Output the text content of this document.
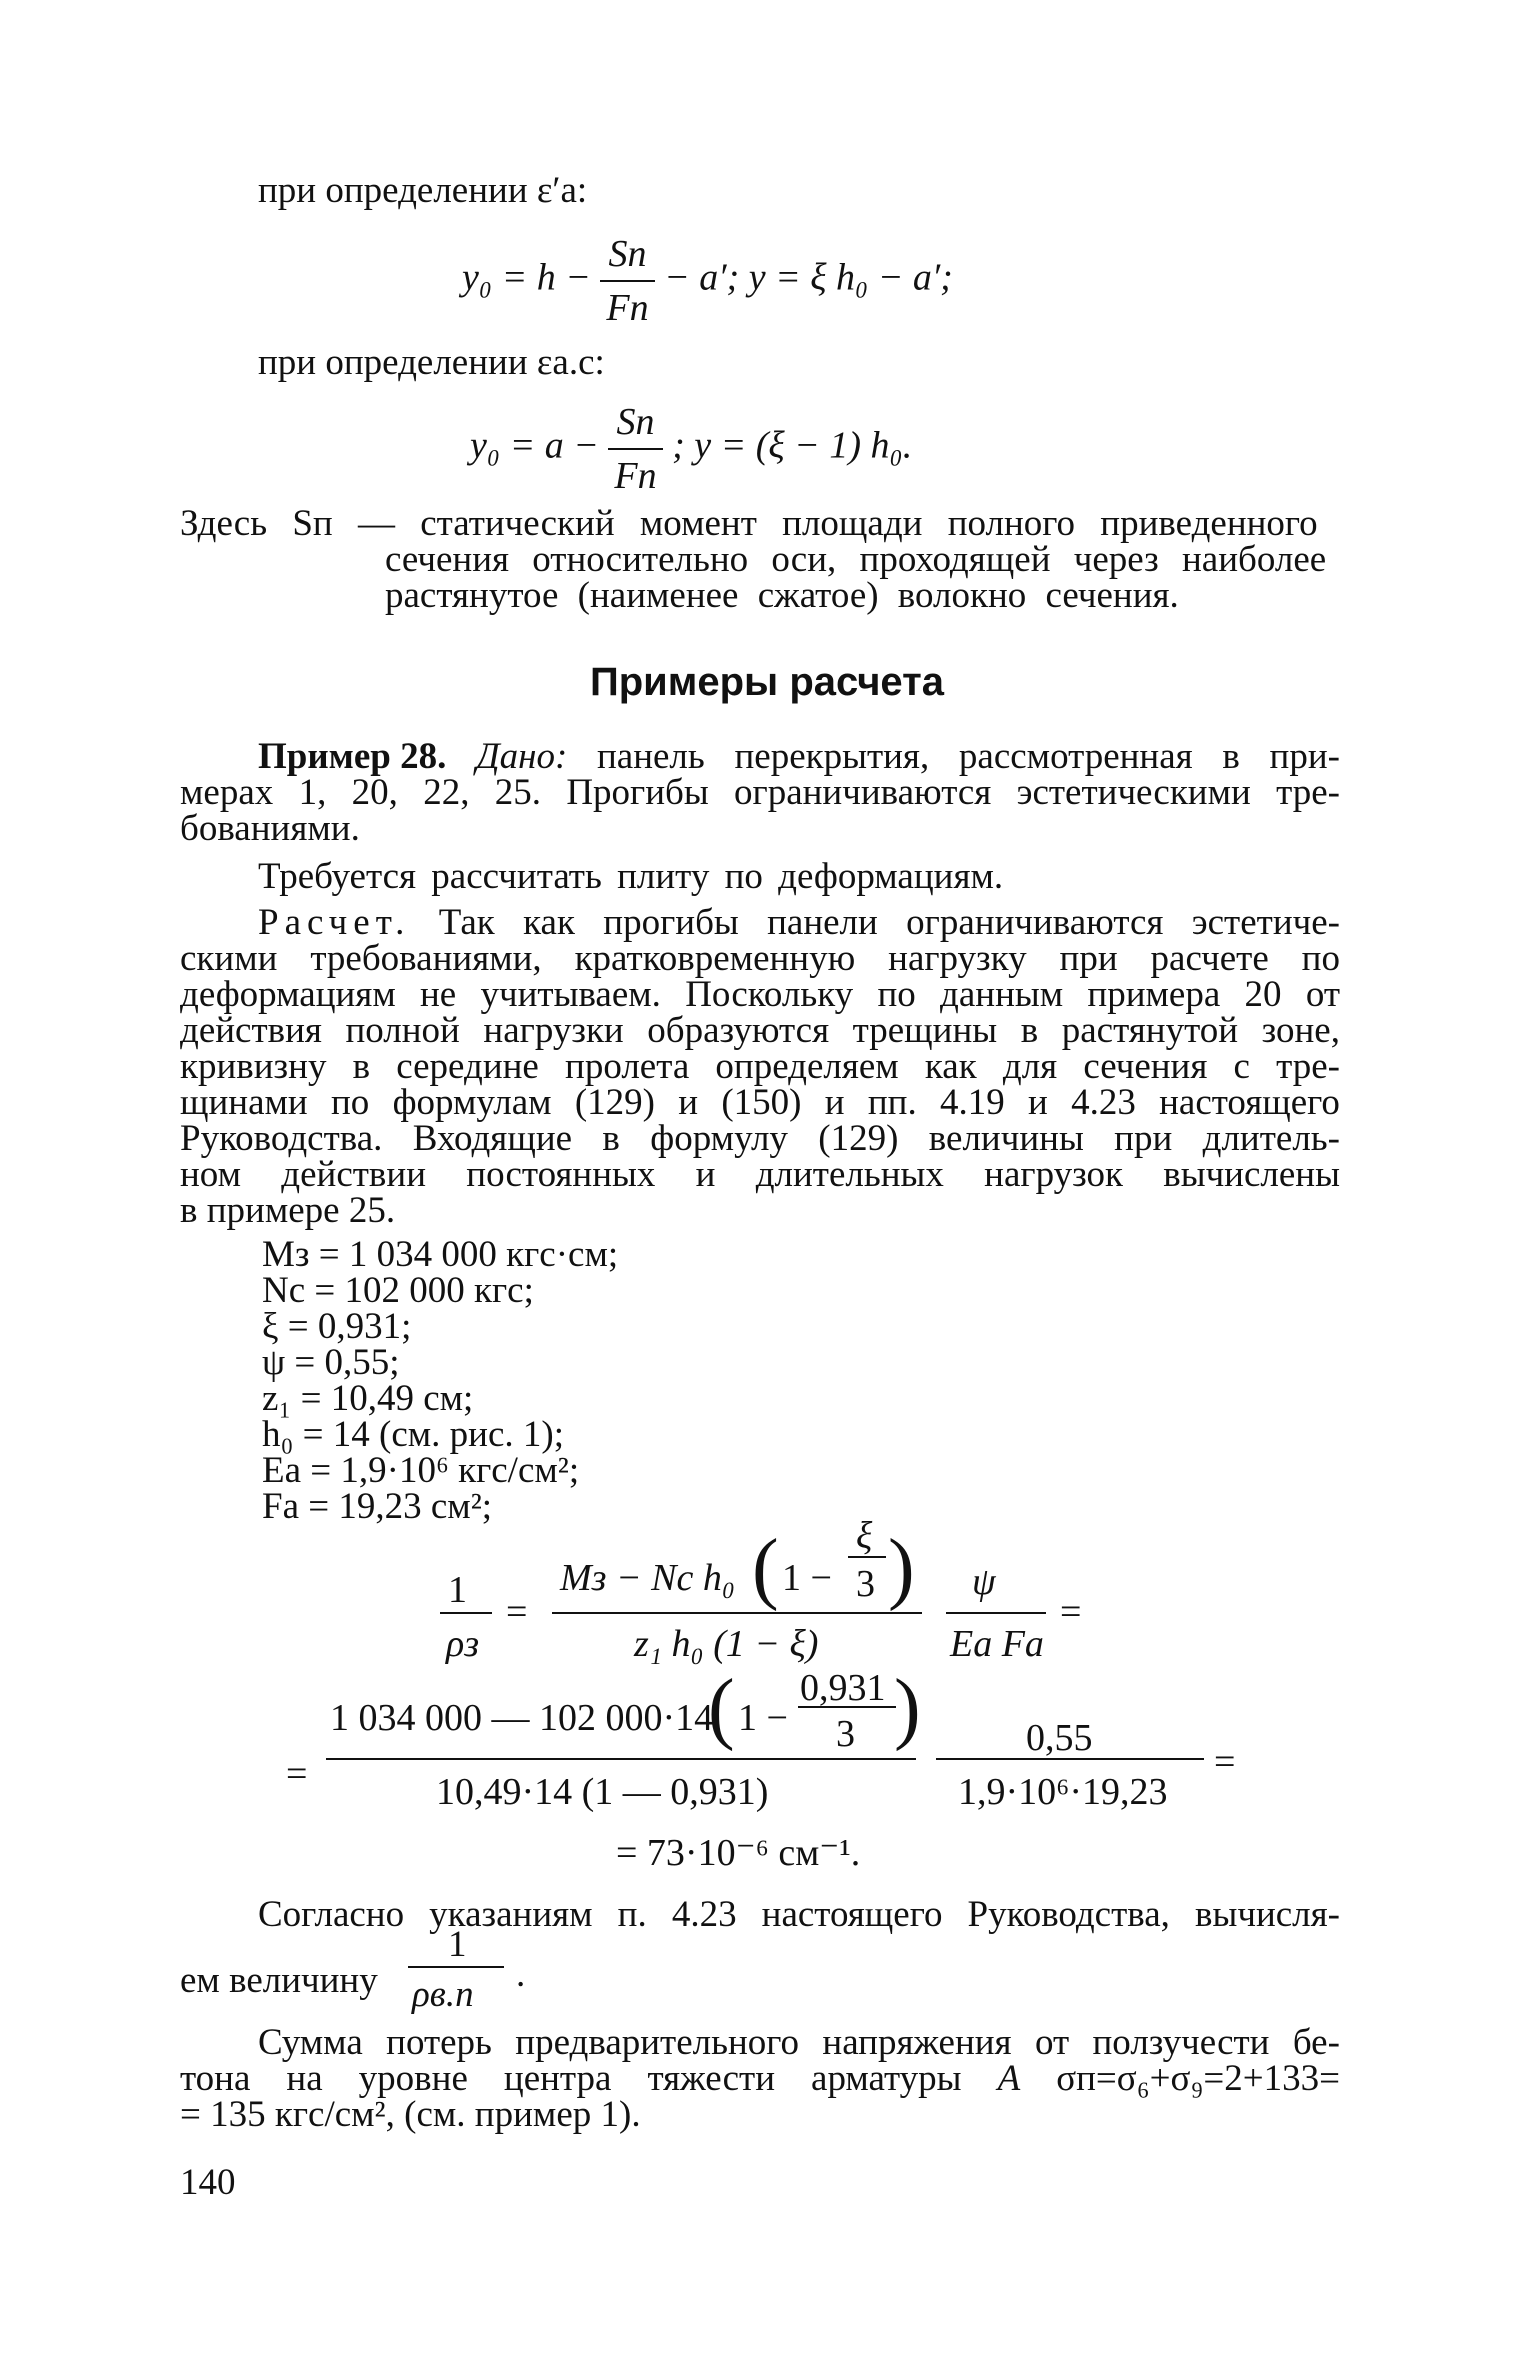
при определении ε′а:
$y_0 = h - \frac{Sп}{Fп} - a'$; y = ξ h₀ − a′;
при определении εа.с:
$y_0 = a - \frac{Sп}{Fп}$ ; y = (ξ − 1) h₀.
Здесь Sп — статический момент площади полного приведенного
сечения относительно оси, проходящей через наиболее
растянутое (наименее сжатое) волокно сечения.
Примеры расчета
Пример 28. Дано: панель перекрытия, рассмотренная в при-
мерах 1, 20, 22, 25. Прогибы ограничиваются эстетическими тре-
бованиями.
Требуется рассчитать плиту по деформациям.
Расчет. Так как прогибы панели ограничиваются эстетиче-
скими требованиями, кратковременную нагрузку при расчете по
деформациям не учитываем. Поскольку по данным примера 20 от
действия полной нагрузки образуются трещины в растянутой зоне,
кривизну в середине пролета определяем как для сечения с тре-
щинами по формулам (129) и (150) и пп. 4.19 и 4.23 настоящего
Руководства. Входящие в формулу (129) величины при длитель-
ном действии постоянных и длительных нагрузок вычислены
в примере 25.
Mз = 1 034 000 кгс·см;
Nс = 102 000 кгс;
ξ = 0,931;
ψ = 0,55;
z₁ = 10,49 см;
h₀ = 14 (см. рис. 1);
Eа = 1,9·10⁶ кгс/см²;
Fа = 19,23 см²;
1
ρз
=
Mз − Nс h₀ ( 1 −
ξ
3 )
z₁ h₀ (1 − ξ)
ψ
Eа Fа
=
=
1 034 000 — 102 000·14
( 1 −
0,931
3 )
10,49·14 (1 — 0,931)
0,55
1,9·10⁶·19,23
=
= 73·10⁻⁶ см⁻¹.
Согласно указаниям п. 4.23 настоящего Руководства, вычисля-
ем величину
1
ρв.п .
Сумма потерь предварительного напряжения от ползучести бе-
тона на уровне центра тяжести арматуры A σп=σ₆+σ₉=2+133=
= 135 кгс/см², (см. пример 1).
140
